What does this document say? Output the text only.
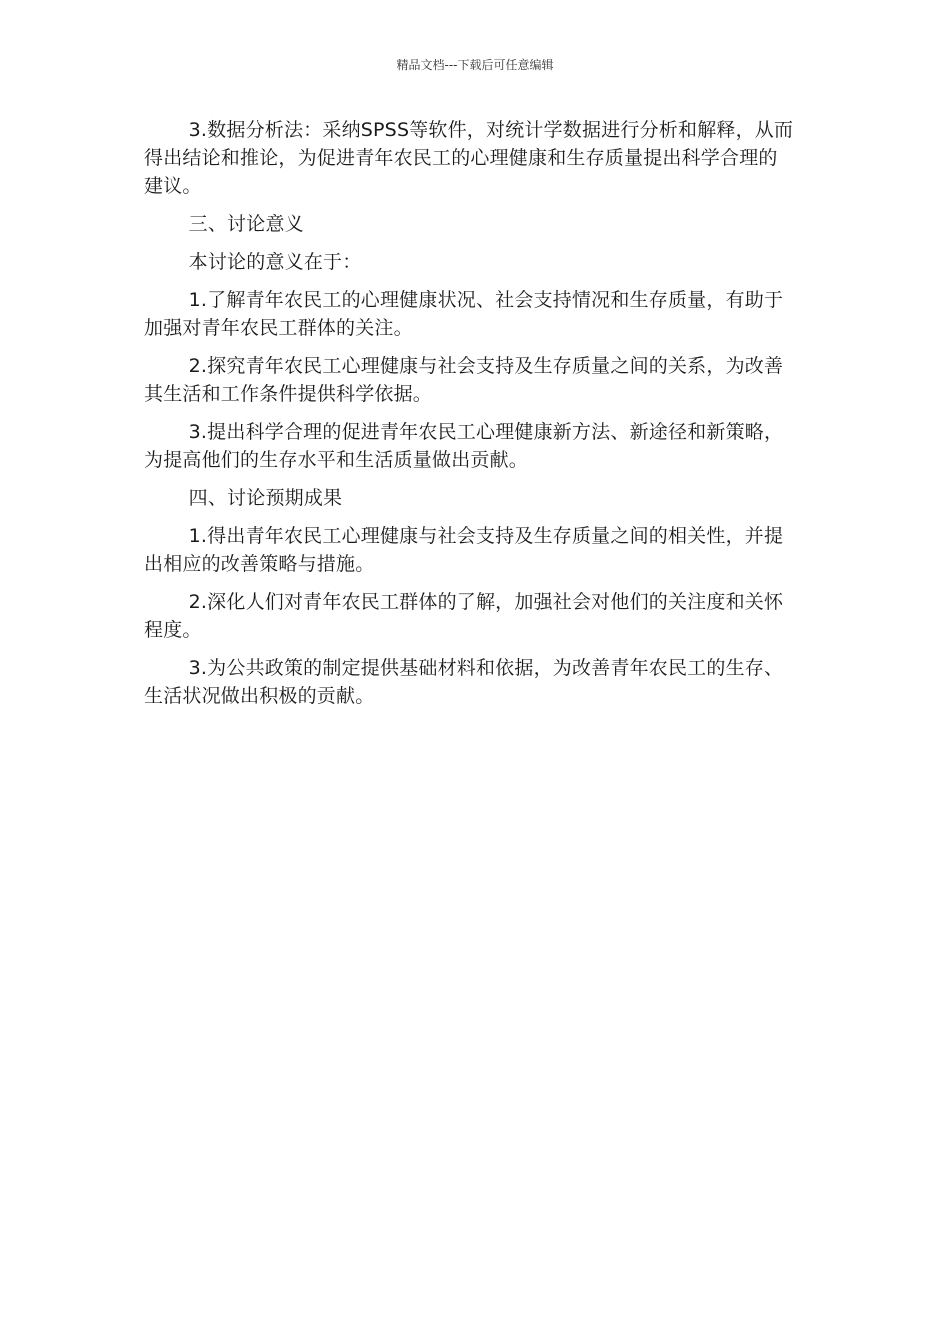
精品文档---下载后可任意编辑

3.数据分析法：采纳SPSS等软件，对统计学数据进行分析和解释，从而得出结论和推论，为促进青年农民工的心理健康和生存质量提出科学合理的建议。

三、讨论意义

本讨论的意义在于：

1.了解青年农民工的心理健康状况、社会支持情况和生存质量，有助于加强对青年农民工群体的关注。

2.探究青年农民工心理健康与社会支持及生存质量之间的关系，为改善其生活和工作条件提供科学依据。

3.提出科学合理的促进青年农民工心理健康新方法、新途径和新策略，为提高他们的生存水平和生活质量做出贡献。

四、讨论预期成果

1.得出青年农民工心理健康与社会支持及生存质量之间的相关性，并提出相应的改善策略与措施。

2.深化人们对青年农民工群体的了解，加强社会对他们的关注度和关怀程度。

3.为公共政策的制定提供基础材料和依据，为改善青年农民工的生存、生活状况做出积极的贡献。
